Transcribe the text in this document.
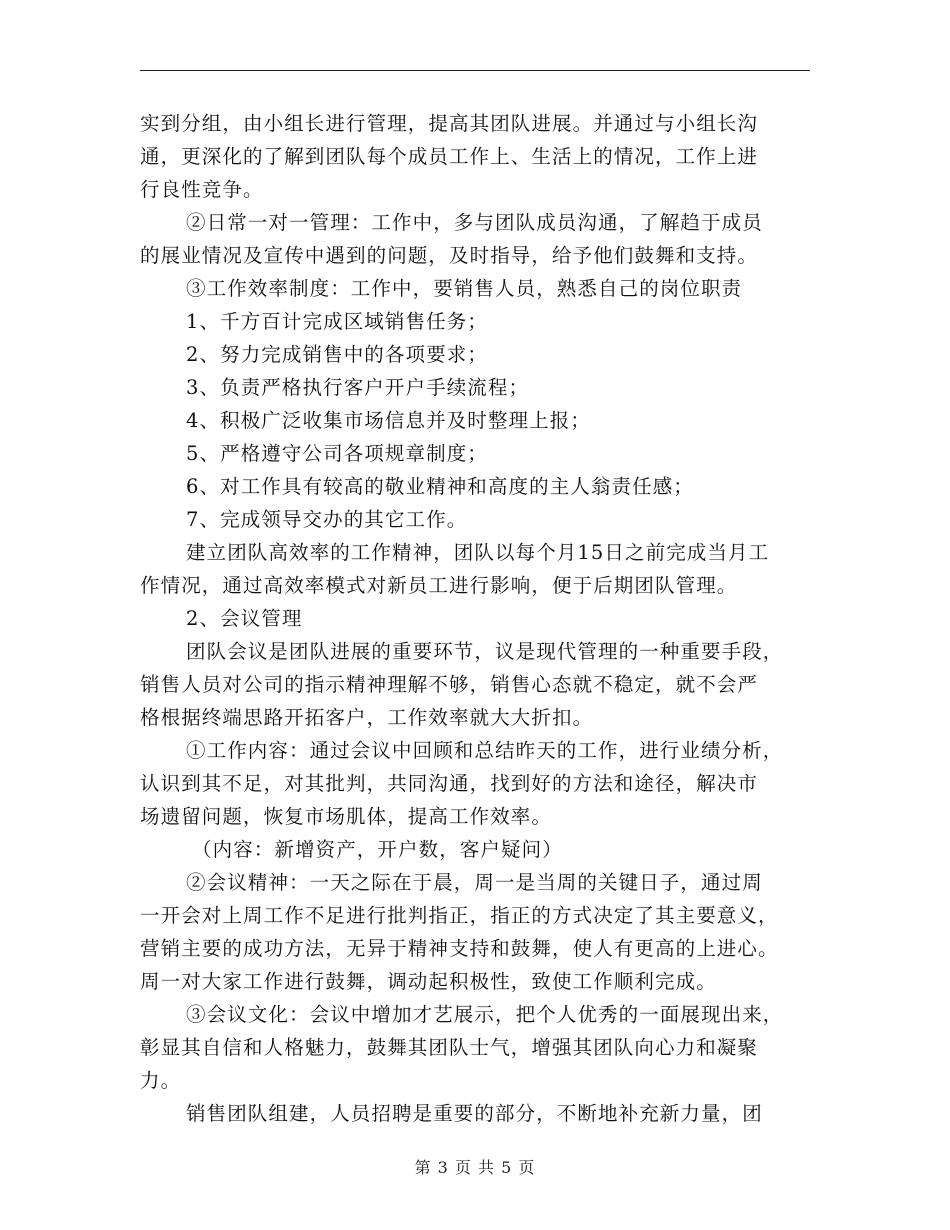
实到分组，由小组长进行管理，提高其团队进展。并通过与小组长沟
通，更深化的了解到团队每个成员工作上、生活上的情况，工作上进
行良性竞争。
②日常一对一管理：工作中，多与团队成员沟通，了解趋于成员
的展业情况及宣传中遇到的问题，及时指导，给予他们鼓舞和支持。
③工作效率制度：工作中，要销售人员，熟悉自己的岗位职责
1、千方百计完成区域销售任务；
2、努力完成销售中的各项要求；
3、负责严格执行客户开户手续流程；
4、积极广泛收集市场信息并及时整理上报；
5、严格遵守公司各项规章制度；
6、对工作具有较高的敬业精神和高度的主人翁责任感；
7、完成领导交办的其它工作。
建立团队高效率的工作精神，团队以每个月15日之前完成当月工
作情况，通过高效率模式对新员工进行影响，便于后期团队管理。
2、会议管理
团队会议是团队进展的重要环节，议是现代管理的一种重要手段，
销售人员对公司的指示精神理解不够，销售心态就不稳定，就不会严
格根据终端思路开拓客户，工作效率就大大折扣。
①工作内容：通过会议中回顾和总结昨天的工作，进行业绩分析，
认识到其不足，对其批判，共同沟通，找到好的方法和途径，解决市
场遗留问题，恢复市场肌体，提高工作效率。
（内容：新增资产，开户数，客户疑问）
②会议精神：一天之际在于晨，周一是当周的关键日子，通过周
一开会对上周工作不足进行批判指正，指正的方式决定了其主要意义，
营销主要的成功方法，无异于精神支持和鼓舞，使人有更高的上进心。
周一对大家工作进行鼓舞，调动起积极性，致使工作顺利完成。
③会议文化：会议中增加才艺展示，把个人优秀的一面展现出来，
彰显其自信和人格魅力，鼓舞其团队士气，增强其团队向心力和凝聚
力。
销售团队组建，人员招聘是重要的部分，不断地补充新力量，团
第 3 页 共 5 页
